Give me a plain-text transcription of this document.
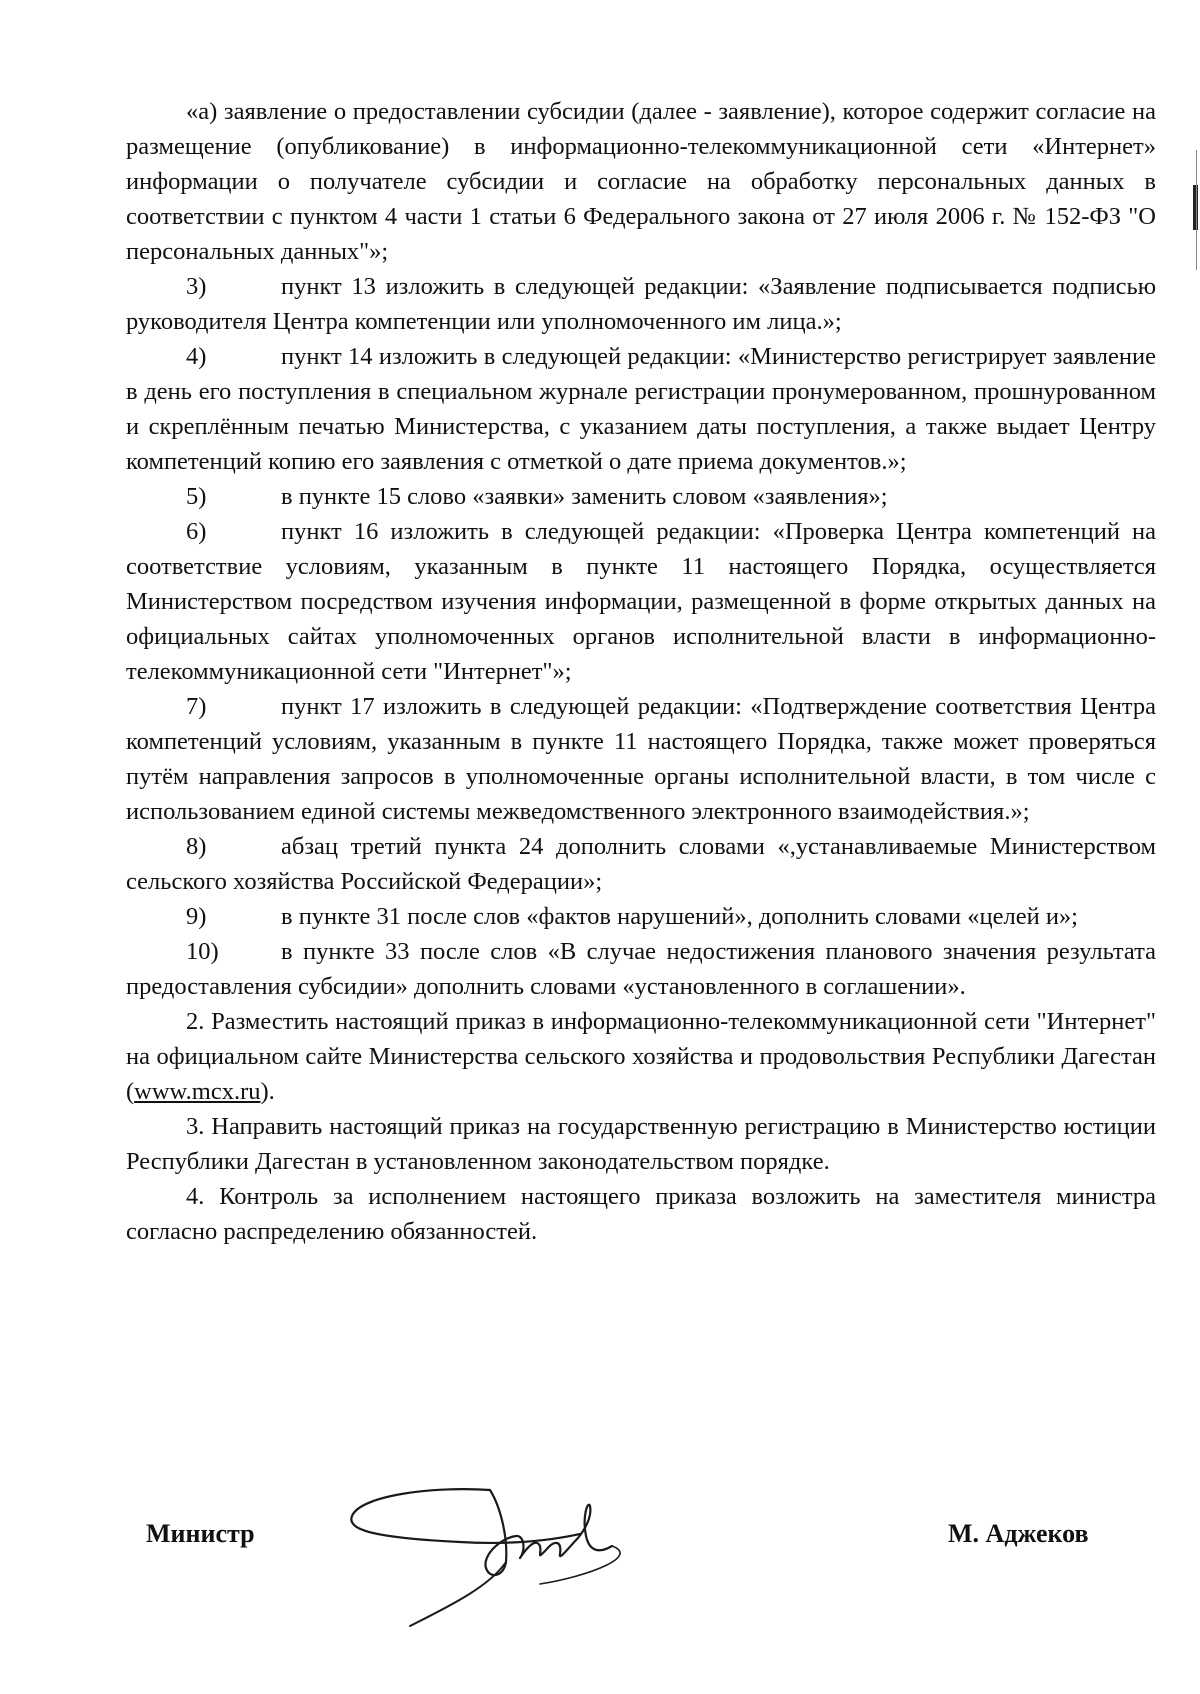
«а) заявление о предоставлении субсидии (далее - заявление), которое содержит согласие на размещение (опубликование) в информационно-телекоммуникационной сети «Интернет» информации о получателе субсидии и согласие на обработку персональных данных в соответствии с пунктом 4 части 1 статьи 6 Федерального закона от 27 июля 2006 г. № 152-ФЗ "О персональных данных"»;

3)	пункт 13 изложить в следующей редакции: «Заявление подписывается подписью руководителя Центра компетенции или уполномоченного им лица.»;

4)	пункт 14 изложить в следующей редакции: «Министерство регистрирует заявление в день его поступления в специальном журнале регистрации пронумерованном, прошнурованном и скреплённым печатью Министерства, с указанием даты поступления, а также выдает Центру компетенций копию его заявления с отметкой о дате приема документов.»;

5)	в пункте 15 слово «заявки» заменить словом «заявления»;

6)	пункт 16 изложить в следующей редакции: «Проверка Центра компетенций на соответствие условиям, указанным в пункте 11 настоящего Порядка, осуществляется Министерством посредством изучения информации, размещенной в форме открытых данных на официальных сайтах уполномоченных органов исполнительной власти в информационно-телекоммуникационной сети "Интернет"»;

7)	пункт 17 изложить в следующей редакции: «Подтверждение соответствия Центра компетенций условиям, указанным в пункте 11 настоящего Порядка, также может проверяться путём направления запросов в уполномоченные органы исполнительной власти, в том числе с использованием единой системы межведомственного электронного взаимодействия.»;

8)	абзац третий пункта 24 дополнить словами «,устанавливаемые Министерством сельского хозяйства Российской Федерации»;

9)	в пункте 31 после слов «фактов нарушений», дополнить словами «целей и»;

10)	в пункте 33 после слов «В случае недостижения планового значения результата предоставления субсидии» дополнить словами «установленного в соглашении».

2. Разместить настоящий приказ в информационно-телекоммуникационной сети "Интернет" на официальном сайте Министерства сельского хозяйства и продовольствия Республики Дагестан (www.mcx.ru).

3. Направить настоящий приказ на государственную регистрацию в Министерство юстиции Республики Дагестан в установленном законодательством порядке.

4. Контроль за исполнением настоящего приказа возложить на заместителя министра согласно распределению обязанностей.

Министр	М. Аджеков
